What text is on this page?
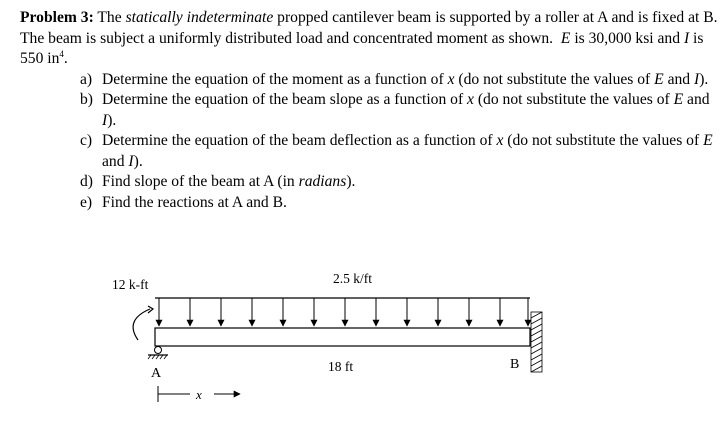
Problem 3: The statically indeterminate propped cantilever beam is supported by a roller at A and is fixed at B. The beam is subject a uniformly distributed load and concentrated moment as shown. E is 30,000 ksi and I is 550 $in^4$.

a) Determine the equation of the moment as a function of x (do not substitute the values of E and I).
b) Determine the equation of the beam slope as a function of x (do not substitute the values of E and I).
c) Determine the equation of the beam deflection as a function of x (do not substitute the values of E and I).
d) Find slope of the beam at A (in radians).
e) Find the reactions at A and B.
12 k-ft	2.5 k/ft
A	18 ft	B
x
